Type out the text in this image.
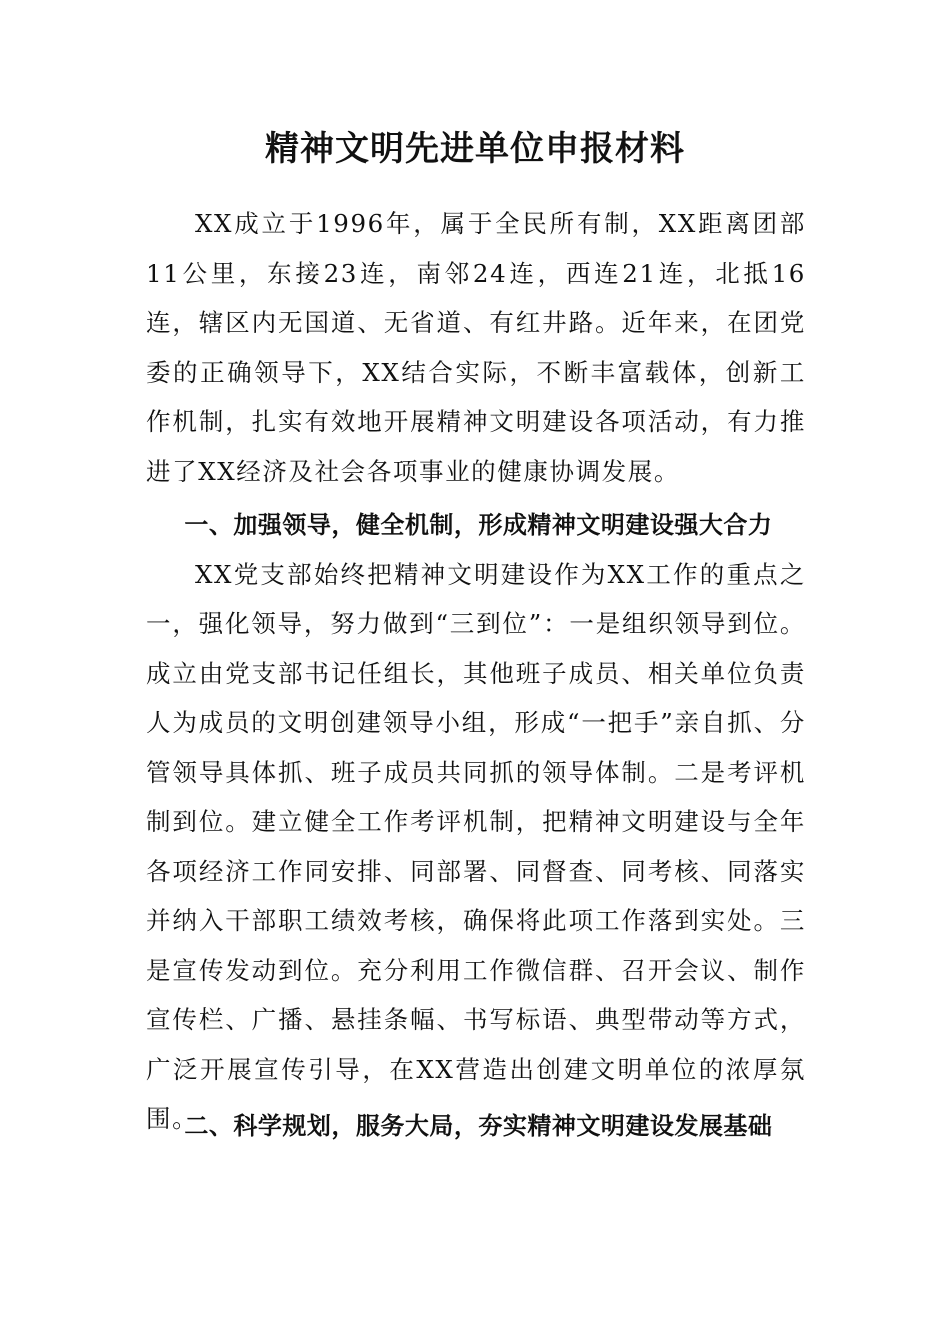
精神文明先进单位申报材料

XX成立于1996年，属于全民所有制，XX距离团部11公里，东接23连，南邻24连，西连21连，北抵16连，辖区内无国道、无省道、有红井路。近年来，在团党委的正确领导下，XX结合实际，不断丰富载体，创新工作机制，扎实有效地开展精神文明建设各项活动，有力推进了XX经济及社会各项事业的健康协调发展。

一、加强领导，健全机制，形成精神文明建设强大合力

XX党支部始终把精神文明建设作为XX工作的重点之一，强化领导，努力做到“三到位”：一是组织领导到位。成立由党支部书记任组长，其他班子成员、相关单位负责人为成员的文明创建领导小组，形成“一把手”亲自抓、分管领导具体抓、班子成员共同抓的领导体制。二是考评机制到位。建立健全工作考评机制，把精神文明建设与全年各项经济工作同安排、同部署、同督查、同考核、同落实并纳入干部职工绩效考核，确保将此项工作落到实处。三是宣传发动到位。充分利用工作微信群、召开会议、制作宣传栏、广播、悬挂条幅、书写标语、典型带动等方式，广泛开展宣传引导，在XX营造出创建文明单位的浓厚氛围。

二、科学规划，服务大局，夯实精神文明建设发展基础
